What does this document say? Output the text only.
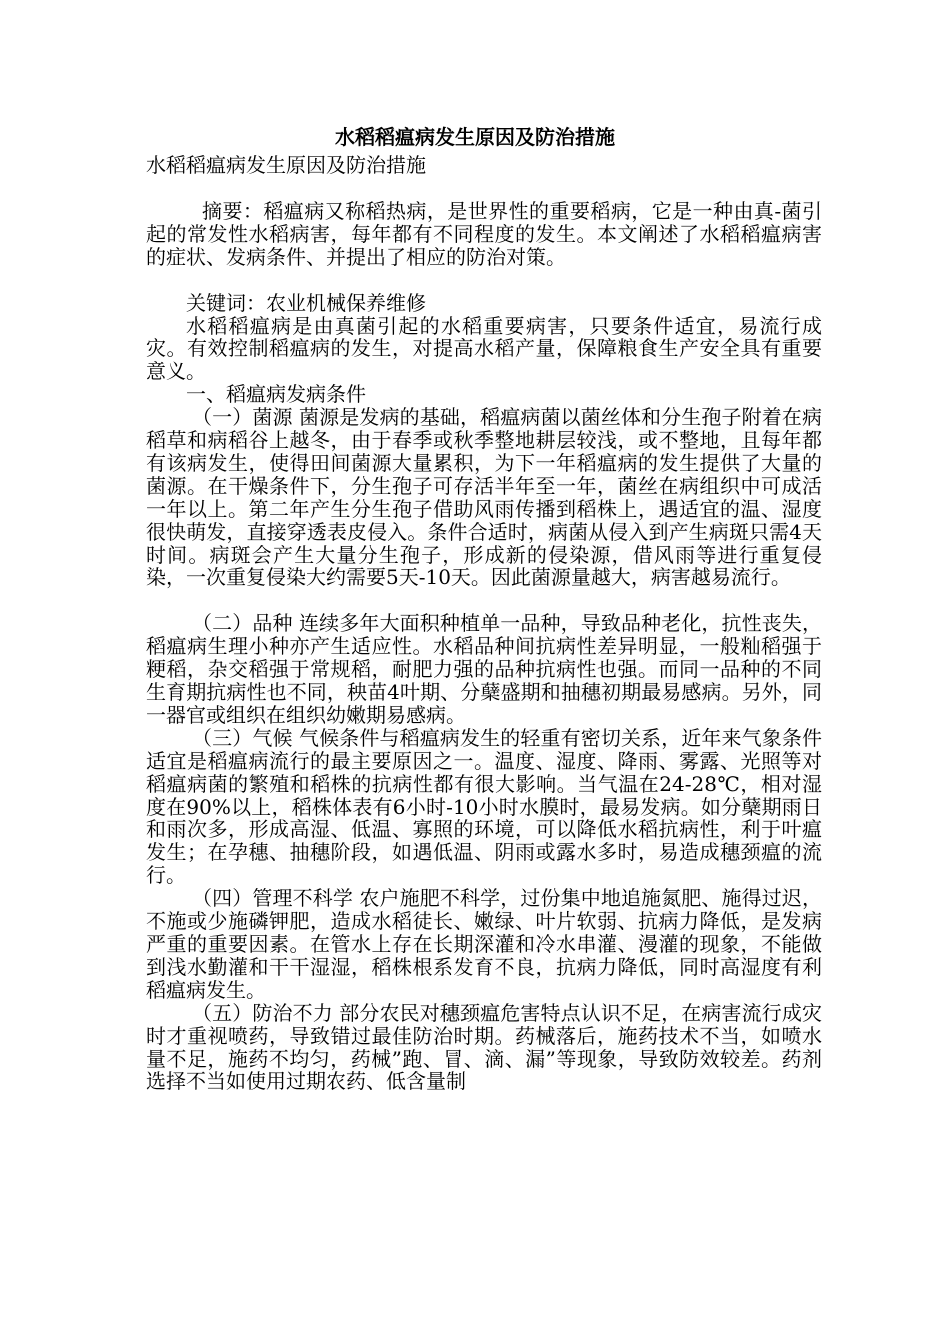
水稻稻瘟病发生原因及防治措施
水稻稻瘟病发生原因及防治措施

摘要：稻瘟病又称稻热病，是世界性的重要稻病，它是一种由真-菌引起的常发性水稻病害，每年都有不同程度的发生。本文阐述了水稻稻瘟病害的症状、发病条件、并提出了相应的防治对策。

关键词：农业机械保养维修

水稻稻瘟病是由真菌引起的水稻重要病害，只要条件适宜，易流行成灾。有效控制稻瘟病的发生，对提高水稻产量，保障粮食生产安全具有重要意义。

一、稻瘟病发病条件

（一）菌源 菌源是发病的基础，稻瘟病菌以菌丝体和分生孢子附着在病稻草和病稻谷上越冬，由于春季或秋季整地耕层较浅，或不整地，且每年都有该病发生，使得田间菌源大量累积，为下一年稻瘟病的发生提供了大量的菌源。在干燥条件下，分生孢子可存活半年至一年，菌丝在病组织中可成活一年以上。第二年产生分生孢子借助风雨传播到稻株上，遇适宜的温、湿度很快萌发，直接穿透表皮侵入。条件合适时，病菌从侵入到产生病斑只需4天时间。病斑会产生大量分生孢子，形成新的侵染源，借风雨等进行重复侵染，一次重复侵染大约需要5天-10天。因此菌源量越大，病害越易流行。

（二）品种 连续多年大面积种植单一品种，导致品种老化，抗性丧失，稻瘟病生理小种亦产生适应性。水稻品种间抗病性差异明显，一般籼稻强于粳稻，杂交稻强于常规稻，耐肥力强的品种抗病性也强。而同一品种的不同生育期抗病性也不同，秧苗4叶期、分蘖盛期和抽穗初期最易感病。另外，同一器官或组织在组织幼嫩期易感病。

（三）气候 气候条件与稻瘟病发生的轻重有密切关系，近年来气象条件适宜是稻瘟病流行的最主要原因之一。温度、湿度、降雨、雾露、光照等对稻瘟病菌的繁殖和稻株的抗病性都有很大影响。当气温在24-28℃，相对湿度在90%以上，稻株体表有6小时-10小时水膜时，最易发病。如分蘖期雨日和雨次多，形成高湿、低温、寡照的环境，可以降低水稻抗病性，利于叶瘟发生；在孕穗、抽穗阶段，如遇低温、阴雨或露水多时，易造成穗颈瘟的流行。

（四）管理不科学 农户施肥不科学，过份集中地追施氮肥、施得过迟，不施或少施磷钾肥，造成水稻徒长、嫩绿、叶片软弱、抗病力降低，是发病严重的重要因素。在管水上存在长期深灌和冷水串灌、漫灌的现象，不能做到浅水勤灌和干干湿湿，稻株根系发育不良，抗病力降低，同时高湿度有利稻瘟病发生。

（五）防治不力 部分农民对穗颈瘟危害特点认识不足，在病害流行成灾时才重视喷药，导致错过最佳防治时期。药械落后，施药技术不当，如喷水量不足，施药不均匀，药械”跑、冒、滴、漏”等现象，导致防效较差。药剂选择不当如使用过期农药、低含量制
